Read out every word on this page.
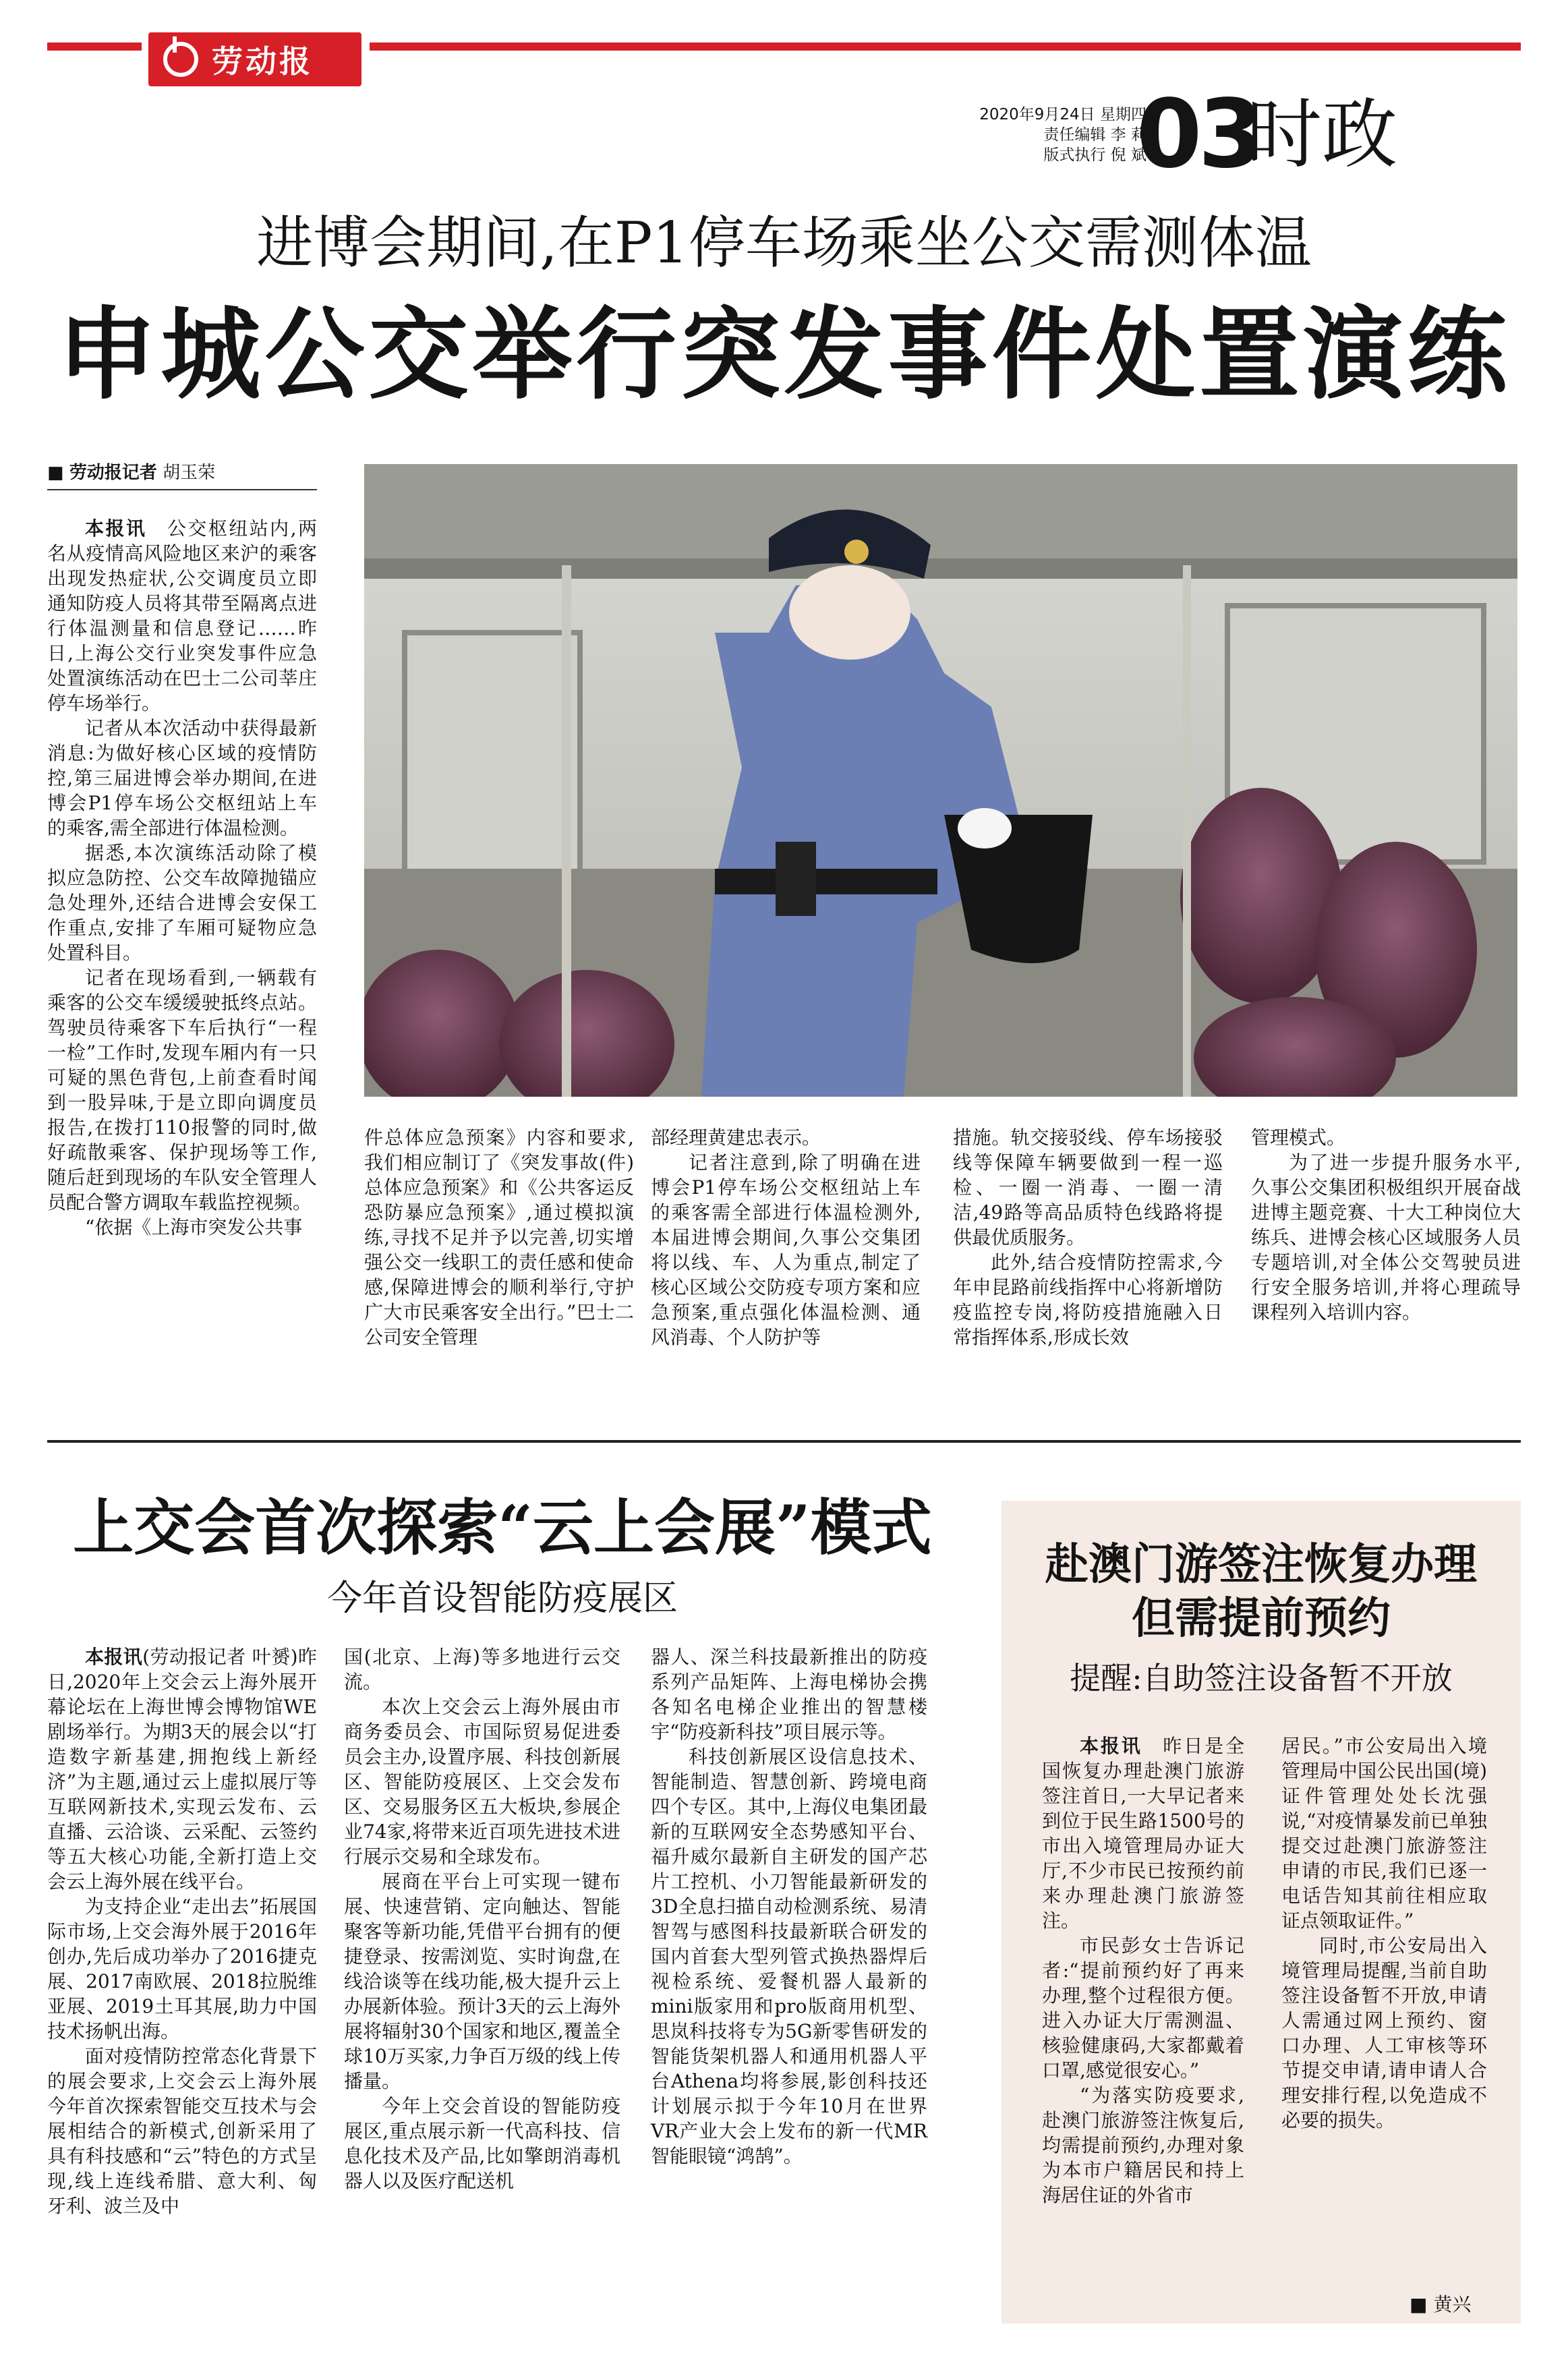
劳动报
2020年9月24日 星期四
责任编辑 李 莉
版式执行 倪 斌
03
时政
进博会期间,在P1停车场乘坐公交需测体温
申城公交举行突发事件处置演练
■ 劳动报记者 胡玉荣

本报讯　 公交枢纽站内,两名从疫情高风险地区来沪的乘客出现发热症状,公交调度员立即通知防疫人员将其带至隔离点进行体温测量和信息登记……昨日,上海公交行业突发事件应急处置演练活动在巴士二公司莘庄停车场举行。

记者从本次活动中获得最新消息:为做好核心区域的疫情防控,第三届进博会举办期间,在进博会P1停车场公交枢纽站上车的乘客,需全部进行体温检测。

据悉,本次演练活动除了模拟应急防控、公交车故障抛锚应急处理外,还结合进博会安保工作重点,安排了车厢可疑物应急处置科目。

记者在现场看到,一辆载有乘客的公交车缓缓驶抵终点站。驾驶员待乘客下车后执行“一程一检”工作时,发现车厢内有一只可疑的黑色背包,上前查看时闻到一股异味,于是立即向调度员报告,在拨打110报警的同时,做好疏散乘客、保护现场等工作,随后赶到现场的车队安全管理人员配合警方调取车载监控视频。

“依据《上海市突发公共事

件总体应急预案》内容和要求,我们相应制订了《突发事故(件)总体应急预案》和《公共客运反恐防暴应急预案》,通过模拟演练,寻找不足并予以完善,切实增强公交一线职工的责任感和使命感,保障进博会的顺利举行,守护广大市民乘客安全出行。”巴士二公司安全管理

部经理黄建忠表示。

记者注意到,除了明确在进博会P1停车场公交枢纽站上车的乘客需全部进行体温检测外,本届进博会期间,久事公交集团将以线、车、人为重点,制定了核心区域公交防疫专项方案和应急预案,重点强化体温检测、通风消毒、个人防护等

措施。轨交接驳线、停车场接驳线等保障车辆要做到一程一巡检、一圈一消毒、一圈一清洁,49路等高品质特色线路将提供最优质服务。

此外,结合疫情防控需求,今年申昆路前线指挥中心将新增防疫监控专岗,将防疫措施融入日常指挥体系,形成长效

管理模式。

为了进一步提升服务水平,久事公交集团积极组织开展奋战进博主题竞赛、十大工种岗位大练兵、进博会核心区域服务人员专题培训,对全体公交驾驶员进行安全服务培训,并将心理疏导课程列入培训内容。

上交会首次探索“云上会展”模式
今年首设智能防疫展区

本报讯(劳动报记者 叶赟)昨日,2020年上交会云上海外展开幕论坛在上海世博会博物馆WE剧场举行。为期3天的展会以“打造数字新基建,拥抱线上新经济”为主题,通过云上虚拟展厅等互联网新技术,实现云发布、云直播、云洽谈、云采配、云签约等五大核心功能,全新打造上交会云上海外展在线平台。

为支持企业“走出去”拓展国际市场,上交会海外展于2016年创办,先后成功举办了2016捷克展、2017南欧展、2018拉脱维亚展、2019土耳其展,助力中国技术扬帆出海。

面对疫情防控常态化背景下的展会要求,上交会云上海外展今年首次探索智能交互技术与会展相结合的新模式,创新采用了具有科技感和“云”特色的方式呈现,线上连线希腊、意大利、匈牙利、波兰及中

国(北京、上海)等多地进行云交流。

本次上交会云上海外展由市商务委员会、市国际贸易促进委员会主办,设置序展、科技创新展区、智能防疫展区、上交会发布区、交易服务区五大板块,参展企业74家,将带来近百项先进技术进行展示交易和全球发布。

展商在平台上可实现一键布展、快速营销、定向触达、智能聚客等新功能,凭借平台拥有的便捷登录、按需浏览、实时询盘,在线洽谈等在线功能,极大提升云上办展新体验。预计3天的云上海外展将辐射30个国家和地区,覆盖全球10万买家,力争百万级的线上传播量。

今年上交会首设的智能防疫展区,重点展示新一代高科技、信息化技术及产品,比如擎朗消毒机器人以及医疗配送机

器人、深兰科技最新推出的防疫系列产品矩阵、上海电梯协会携各知名电梯企业推出的智慧楼宇“防疫新科技”项目展示等。

科技创新展区设信息技术、智能制造、智慧创新、跨境电商四个专区。其中,上海仪电集团最新的互联网安全态势感知平台、福升威尔最新自主研发的国产芯片工控机、小刀智能最新研发的3D全息扫描自动检测系统、易清智驾与感图科技最新联合研发的国内首套大型列管式换热器焊后视检系统、爱餐机器人最新的mini版家用和pro版商用机型、思岚科技将专为5G新零售研发的智能货架机器人和通用机器人平台Athena均将参展,影创科技还计划展示拟于今年10月在世界VR产业大会上发布的新一代MR智能眼镜“鸿鹄”。

赴澳门游签注恢复办理
但需提前预约
提醒:自助签注设备暂不开放

本报讯　 昨日是全国恢复办理赴澳门旅游签注首日,一大早记者来到位于民生路1500号的市出入境管理局办证大厅,不少市民已按预约前来办理赴澳门旅游签注。

市民彭女士告诉记者:“提前预约好了再来办理,整个过程很方便。进入办证大厅需测温、核验健康码,大家都戴着口罩,感觉很安心。”

“为落实防疫要求,赴澳门旅游签注恢复后,均需提前预约,办理对象为本市户籍居民和持上海居住证的外省市

居民。”市公安局出入境管理局中国公民出国(境)证件管理处处长沈强说,“对疫情暴发前已单独提交过赴澳门旅游签注申请的市民,我们已逐一电话告知其前往相应取证点领取证件。”

同时,市公安局出入境管理局提醒,当前自助签注设备暂不开放,申请人需通过网上预约、窗口办理、人工审核等环节提交申请,请申请人合理安排行程,以免造成不必要的损失。

■ 黄兴
